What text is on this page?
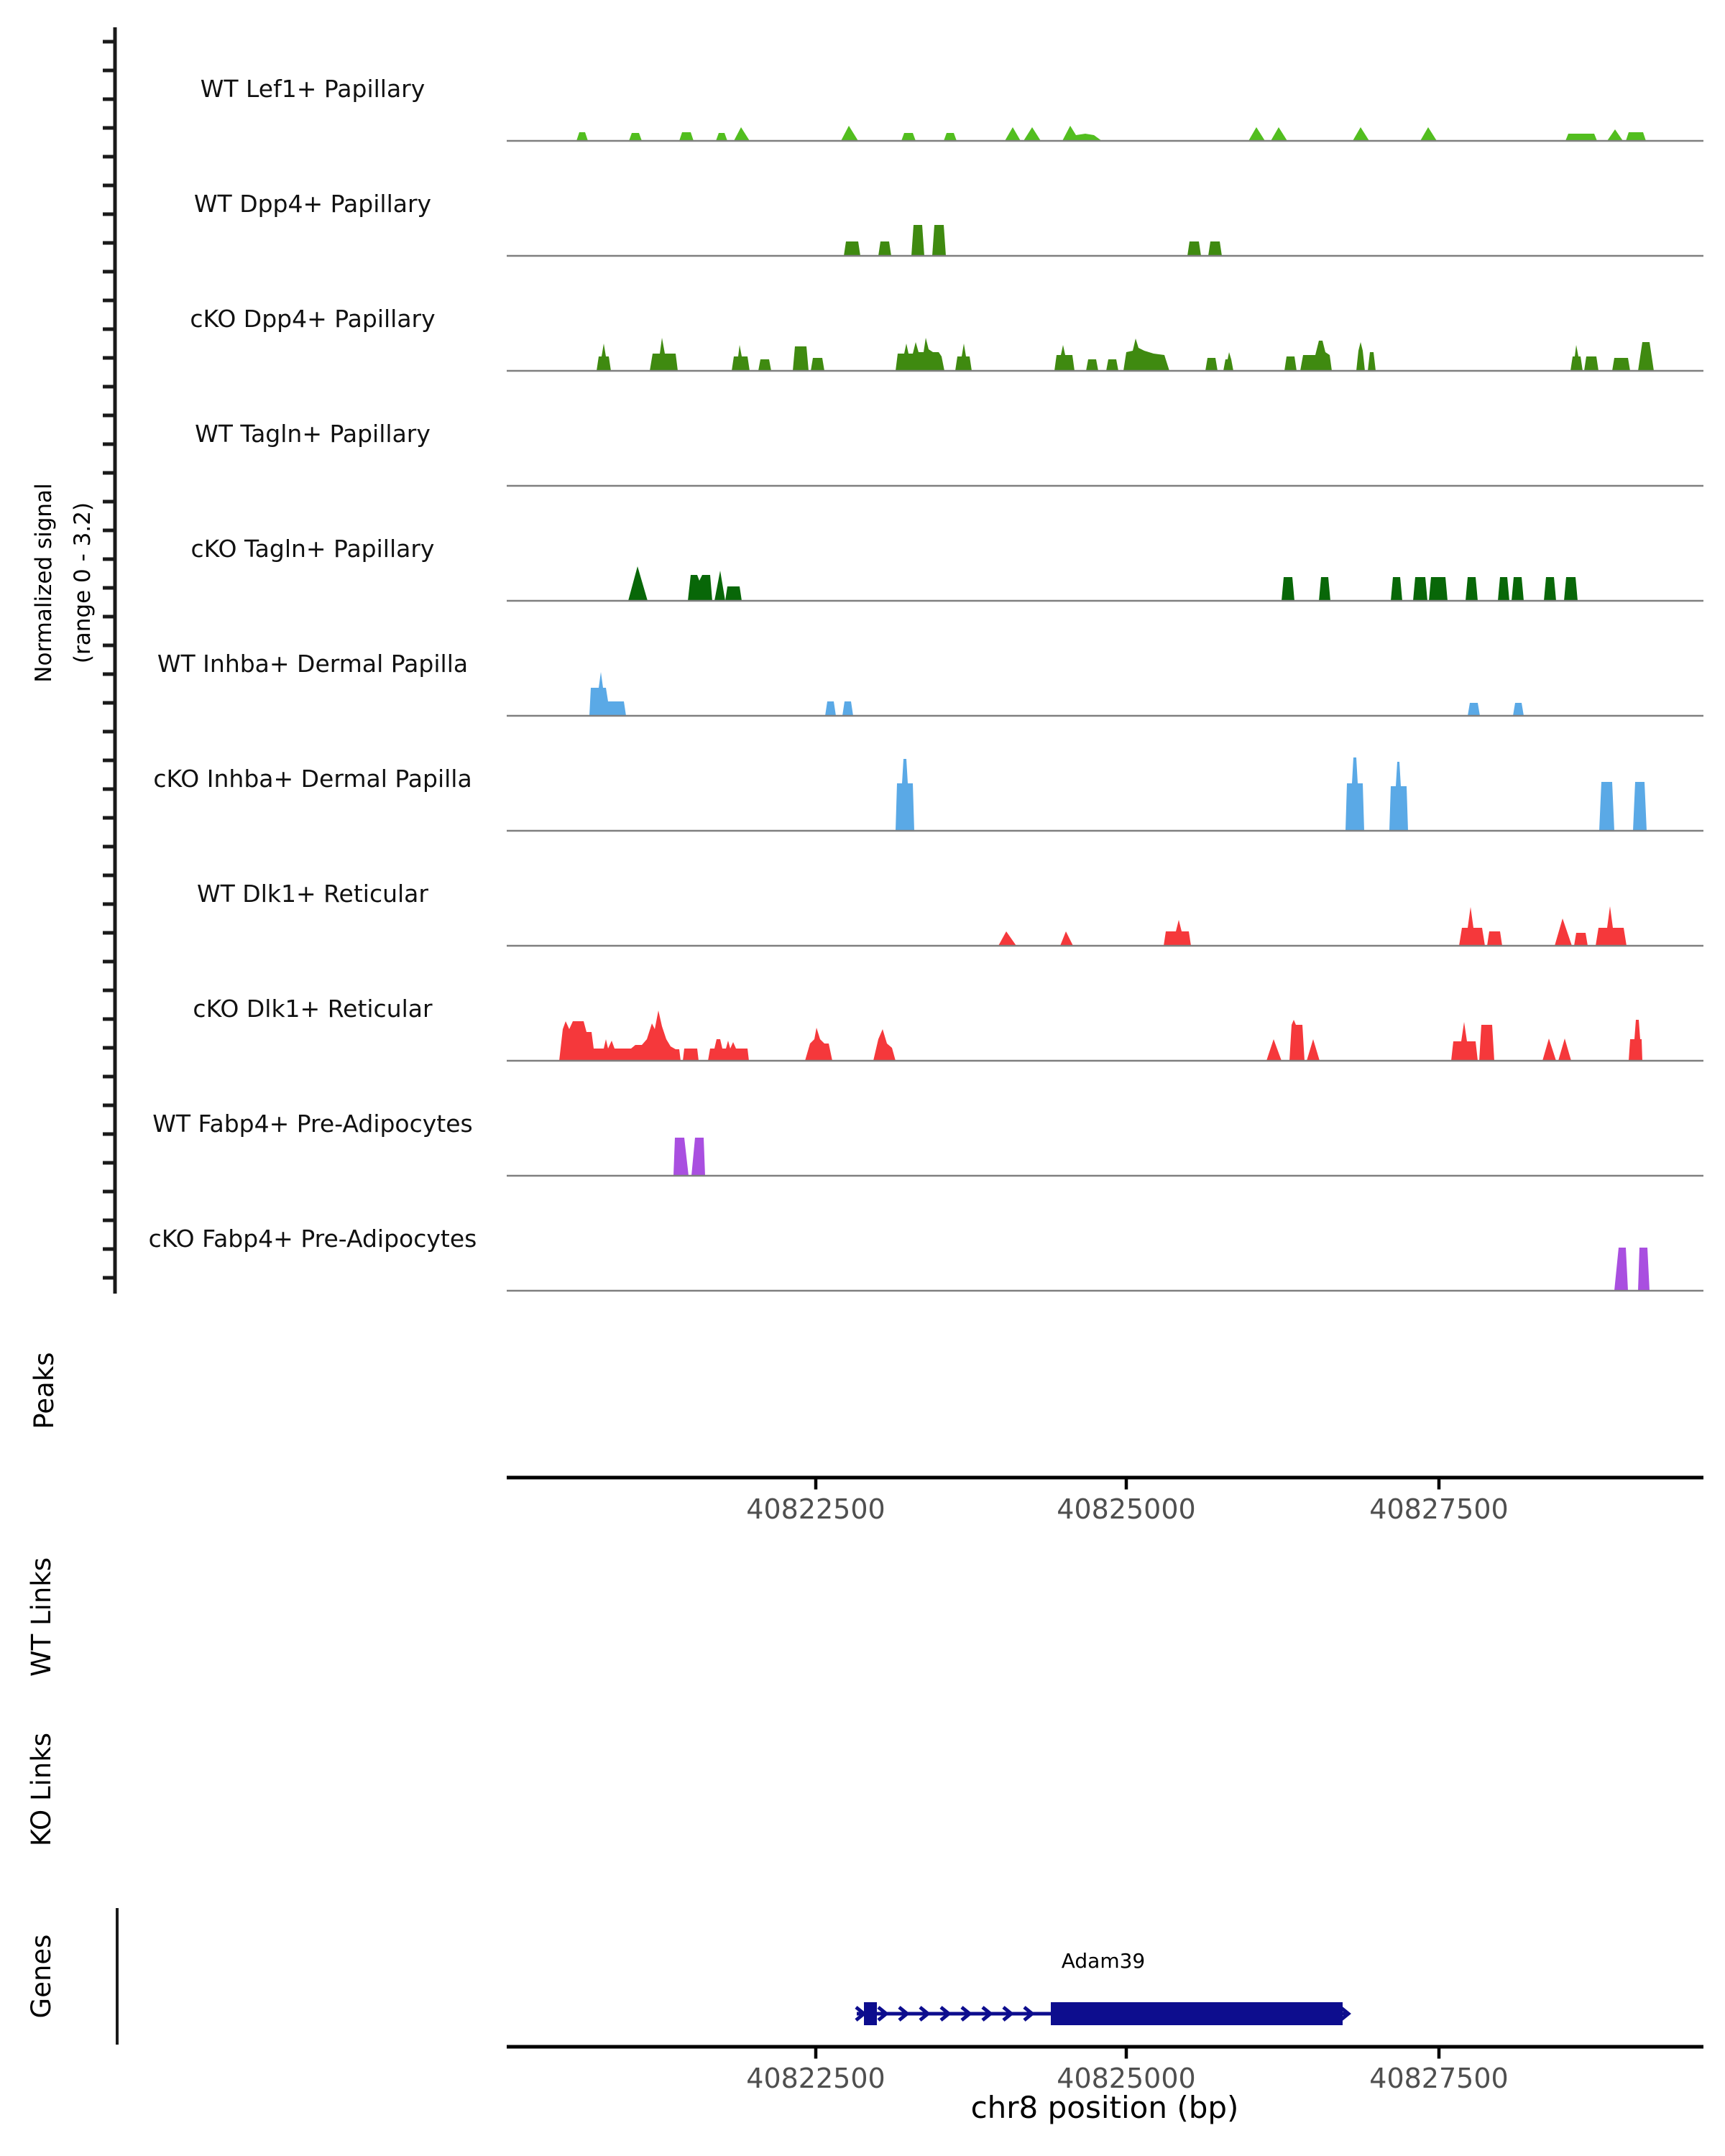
Normalized signal (range 0 - 3.2)
chr8 position (bp)
Adam39
WT Lef1+ Papillary
WT Dpp4+ Papillary
cKO Dpp4+ Papillary
WT Tagln+ Papillary
cKO Tagln+ Papillary
WT Inhba+ Dermal Papilla
cKO Inhba+ Dermal Papilla
WT Dlk1+ Reticular
cKO Dlk1+ Reticular
WT Fabp4+ Pre-Adipocytes
cKO Fabp4+ Pre-Adipocytes
Peaks
WT Links
KO Links
Genes
40822500	40825000	40827500
40822500	40825000	40827500
